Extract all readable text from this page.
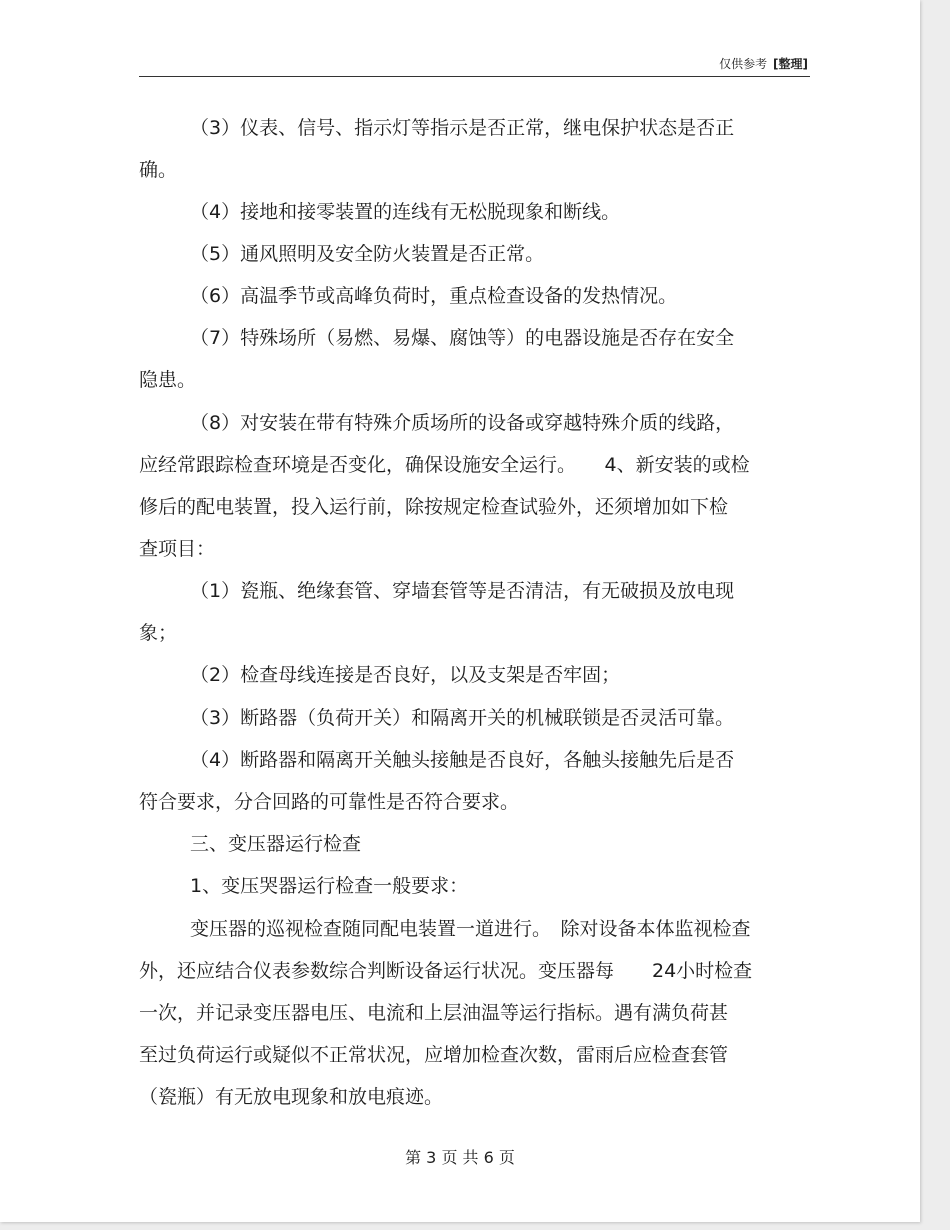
仅供参考 [整理]
（3）仪表、信号、指示灯等指示是否正常，继电保护状态是否正
确。
（4）接地和接零装置的连线有无松脱现象和断线。
（5）通风照明及安全防火装置是否正常。
（6）高温季节或高峰负荷时，重点检查设备的发热情况。
（7）特殊场所（易燃、易爆、腐蚀等）的电器设施是否存在安全
隐患。
（8）对安装在带有特殊介质场所的设备或穿越特殊介质的线路，
应经常跟踪检查环境是否变化，确保设施安全运行。　　4、新安装的或检
修后的配电装置，投入运行前，除按规定检查试验外，还须增加如下检
查项目：
（1）瓷瓶、绝缘套管、穿墙套管等是否清洁，有无破损及放电现
象；
（2）检查母线连接是否良好，以及支架是否牢固；
（3）断路器（负荷开关）和隔离开关的机械联锁是否灵活可靠。
（4）断路器和隔离开关触头接触是否良好，各触头接触先后是否
符合要求，分合回路的可靠性是否符合要求。
三、变压器运行检查
1、变压哭器运行检查一般要求：
变压器的巡视检查随同配电装置一道进行。　除对设备本体监视检查
外，还应结合仪表参数综合判断设备运行状况。变压器每　　24小时检查
一次，并记录变压器电压、电流和上层油温等运行指标。遇有满负荷甚
至过负荷运行或疑似不正常状况，应增加检查次数，雷雨后应检查套管
（瓷瓶）有无放电现象和放电痕迹。
第 3 页 共 6 页
